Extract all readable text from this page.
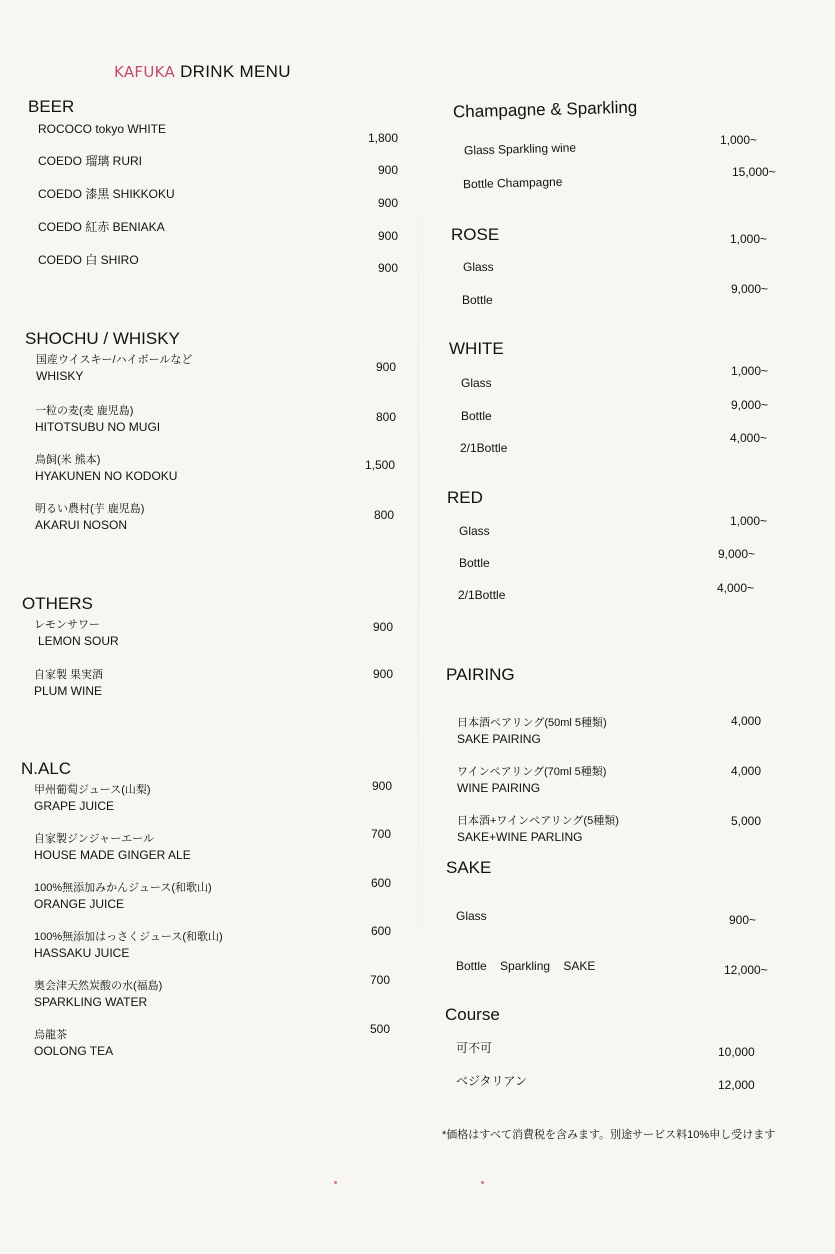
KAFUKA DRINK MENU
BEER
ROCOCO tokyo WHITE
1,800
COEDO 瑠璃 RURI
900
COEDO 漆黒 SHIKKOKU
900
COEDO 紅赤 BENIAKA
900
COEDO 白 SHIRO
900
SHOCHU / WHISKY
国産ウイスキー/ハイボールなど
WHISKY
900
一粒の麦(麦 鹿児島)
HITOTSUBU NO MUGI
800
鳥飼(米 熊本)
HYAKUNEN NO KODOKU
1,500
明るい農村(芋 鹿児島)
AKARUI NOSON
800
OTHERS
レモンサワー
LEMON SOUR
900
自家製 果実酒
PLUM WINE
900
N.ALC
甲州葡萄ジュース(山梨)
GRAPE JUICE
900
自家製ジンジャーエール
HOUSE MADE GINGER ALE
700
100%無添加みかんジュース(和歌山)
ORANGE JUICE
600
100%無添加はっさくジュース(和歌山)
HASSAKU JUICE
600
奥会津天然炭酸の水(福島)
SPARKLING WATER
700
烏龍茶
OOLONG TEA
500
Champagne & Sparkling
Glass Sparkling wine
1,000~
Bottle Champagne
15,000~
ROSE
Glass
1,000~
Bottle
9,000~
WHITE
Glass
1,000~
Bottle
9,000~
2/1Bottle
4,000~
RED
Glass
1,000~
Bottle
9,000~
2/1Bottle	4,000~
PAIRING
日本酒ペアリング(50ml 5種類)
SAKE PAIRING
4,000
ワインペアリング(70ml 5種類)
WINE PAIRING
4,000
日本酒+ワインペアリング(5種類)
SAKE+WINE PARLING
5,000
SAKE
Glass	900~
Bottle Sparkling SAKE	12,000~
Course
可不可	10,000
ベジタリアン	12,000
*価格はすべて消費税を含みます。別途サービス料10%申し受けます
